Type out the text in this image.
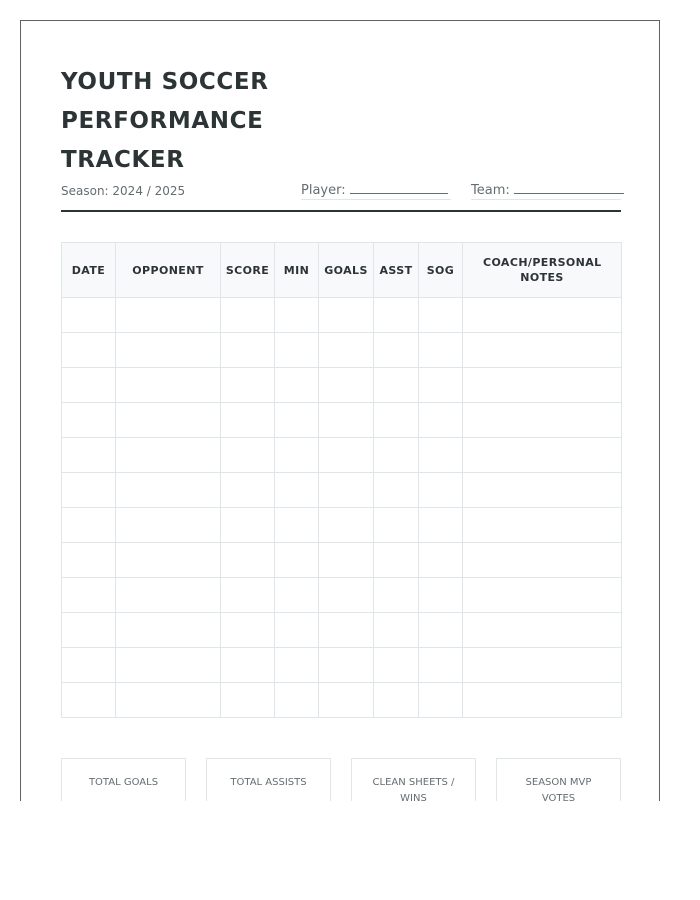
YOUTH SOCCER PERFORMANCE TRACKER
Season: 2024 / 2025	Player:	Team:
DATE	OPPONENT	SCORE	MIN	GOALS	ASST	SOG	COACH/PERSONAL NOTES

TOTAL GOALS	TOTAL ASSISTS	CLEAN SHEETS / WINS
SEASON MVP VOTES
